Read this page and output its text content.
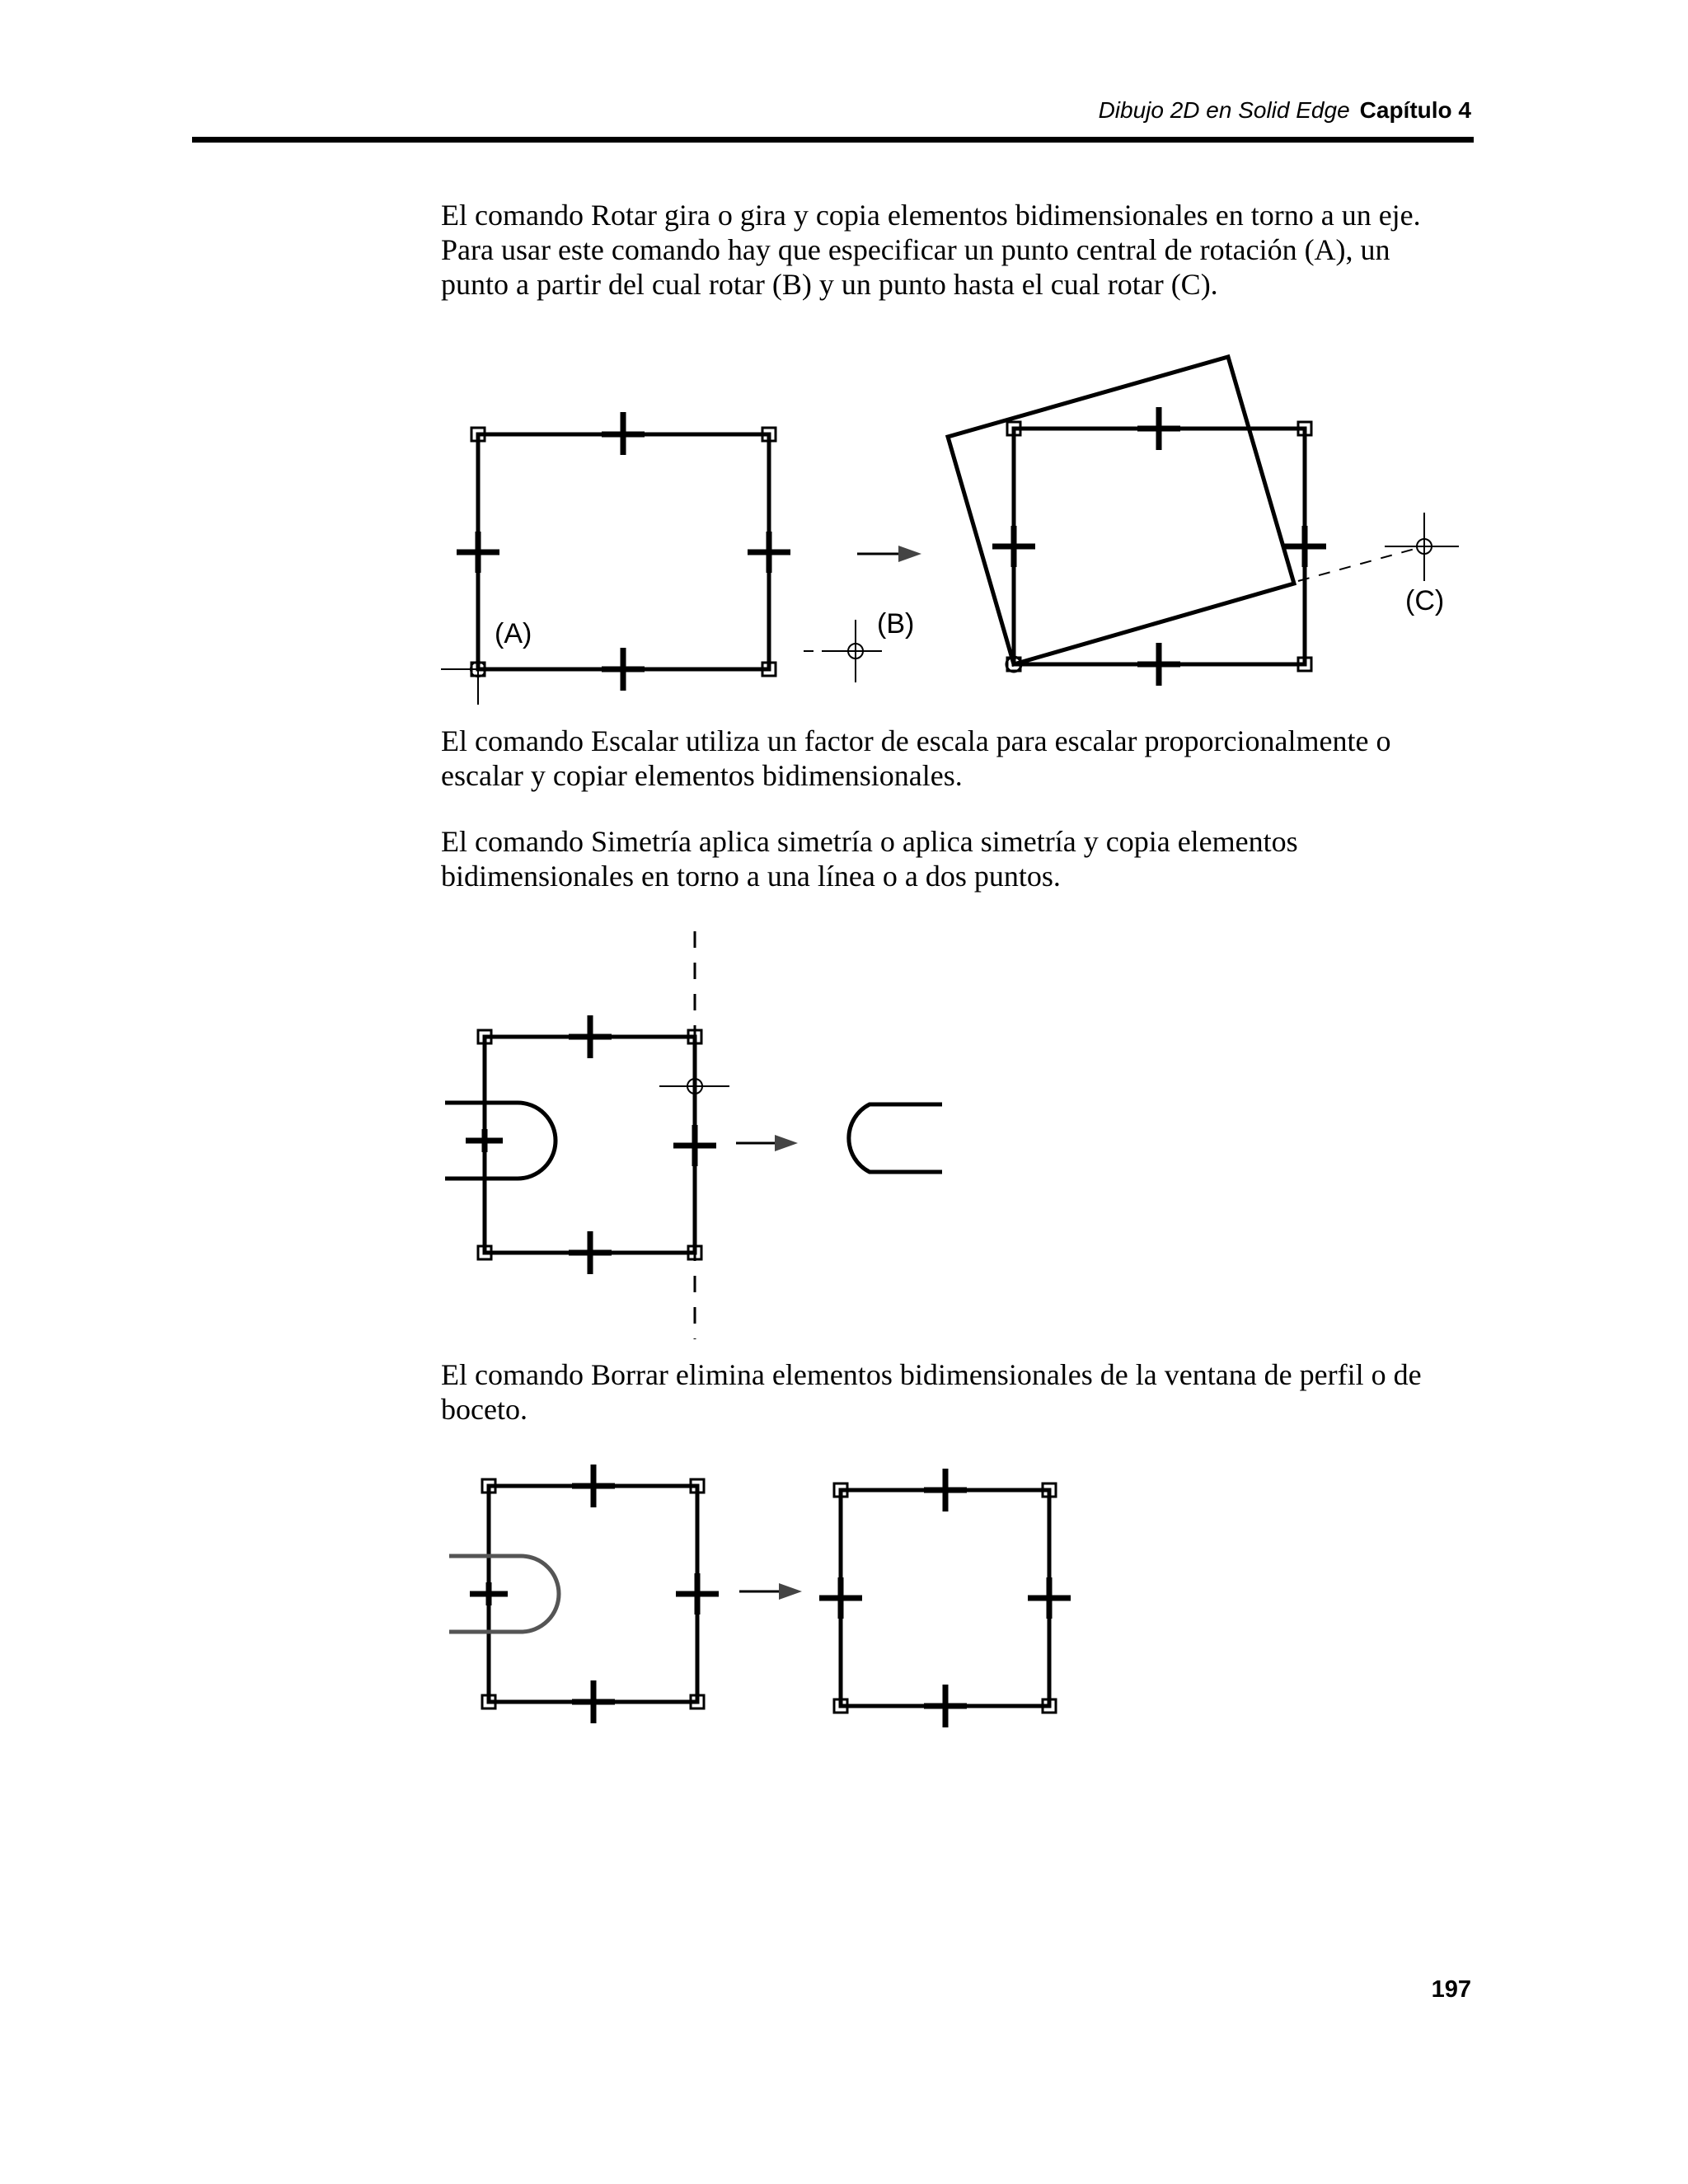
Dibujo 2D en Solid Edge Capítulo 4

El comando Rotar gira o gira y copia elementos bidimensionales en torno a un eje.
Para usar este comando hay que especificar un punto central de rotación (A), un
punto a partir del cual rotar (B) y un punto hasta el cual rotar (C).

(A)	(B)
(C)

El comando Escalar utiliza un factor de escala para escalar proporcionalmente o
escalar y copiar elementos bidimensionales.

El comando Simetría aplica simetría o aplica simetría y copia elementos
bidimensionales en torno a una línea o a dos puntos.

El comando Borrar elimina elementos bidimensionales de la ventana de perfil o de
boceto.

197
